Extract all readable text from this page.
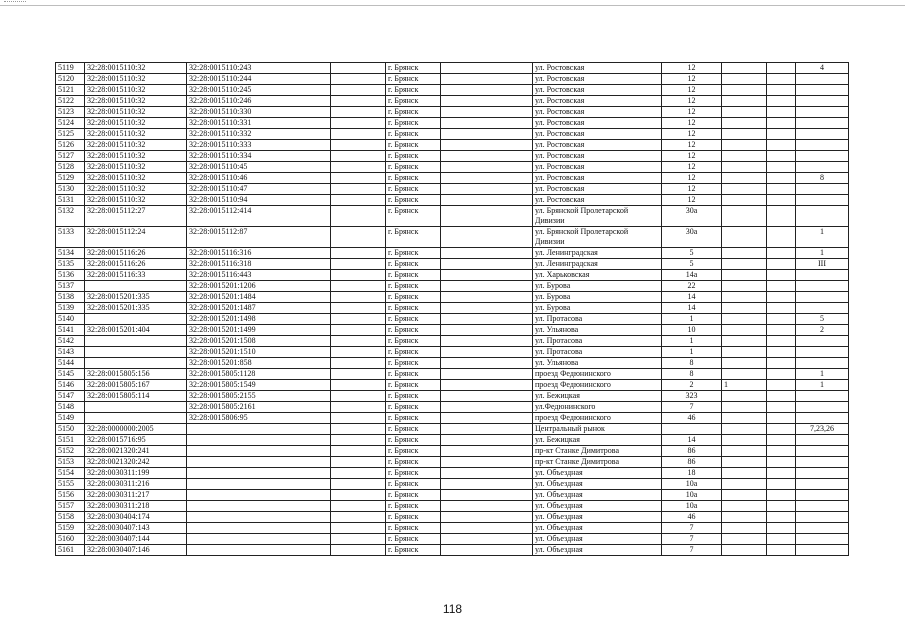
5119	32:28:0015110:32	32:28:0015110:243		г. Брянск		ул. Ростовская	12			4
5120	32:28:0015110:32	32:28:0015110:244		г. Брянск		ул. Ростовская	12			
5121	32:28:0015110:32	32:28:0015110:245		г. Брянск		ул. Ростовская	12			
5122	32:28:0015110:32	32:28:0015110:246		г. Брянск		ул. Ростовская	12			
5123	32:28:0015110:32	32:28:0015110:330		г. Брянск		ул. Ростовская	12			
5124	32:28:0015110:32	32:28:0015110:331		г. Брянск		ул. Ростовская	12			
5125	32:28:0015110:32	32:28:0015110:332		г. Брянск		ул. Ростовская	12			
5126	32:28:0015110:32	32:28:0015110:333		г. Брянск		ул. Ростовская	12			
5127	32:28:0015110:32	32:28:0015110:334		г. Брянск		ул. Ростовская	12			
5128	32:28:0015110:32	32:28:0015110:45		г. Брянск		ул. Ростовская	12			
5129	32:28:0015110:32	32:28:0015110:46		г. Брянск		ул. Ростовская	12			8
5130	32:28:0015110:32	32:28:0015110:47		г. Брянск		ул. Ростовская	12			
5131	32:28:0015110:32	32:28:0015110:94		г. Брянск		ул. Ростовская	12			
5132	32:28:0015112:27	32:28:0015112:414		г. Брянск		ул. Брянской Пролетарской Дивизии	30а			
5133	32:28:0015112:24	32:28:0015112:87		г. Брянск		ул. Брянской Пролетарской Дивизии	30а			1
5134	32:28:0015116:26	32:28:0015116:316		г. Брянск		ул. Ленинградская	5			1
5135	32:28:0015116:26	32:28:0015116:318		г. Брянск		ул. Ленинградская	5			III
5136	32:28:0015116:33	32:28:0015116:443		г. Брянск		ул. Харьковская	14а			
5137		32:28:0015201:1206		г. Брянск		ул. Бурова	22			
5138	32:28:0015201:335	32:28:0015201:1484		г. Брянск		ул. Бурова	14			
5139	32:28:0015201:335	32:28:0015201:1487		г. Брянск		ул. Бурова	14			
5140		32:28:0015201:1498		г. Брянск		ул. Протасова	1			5
5141	32:28:0015201:404	32:28:0015201:1499		г. Брянск		ул. Ульянова	10			2
5142		32:28:0015201:1508		г. Брянск		ул. Протасова	1			
5143		32:28:0015201:1510		г. Брянск		ул. Протасова	1			
5144		32:28:0015201:858		г. Брянск		ул. Ульянова	8			
5145	32:28:0015805:156	32:28:0015805:1128		г. Брянск		проезд Федюнинского	8			1
5146	32:28:0015805:167	32:28:0015805:1549		г. Брянск		проезд Федюнинского	2	1		1
5147	32:28:0015805:114	32:28:0015805:2155		г. Брянск		ул. Бежицкая	323			
5148		32:28:0015805:2161		г. Брянск		ул.Федюнинского	7			
5149		32:28:0015806:95		г. Брянск		проезд Федюнинского	46			
5150	32:28:0000000:2005			г. Брянск		Центральный рынок				7,23,26
5151	32:28:0015716:95			г. Брянск		ул. Бежицкая	14			
5152	32:28:0021320:241			г. Брянск		пр-кт Станке Димитрова	86			
5153	32:28:0021320:242			г. Брянск		пр-кт Станке Димитрова	86			
5154	32:28:0030311:199			г. Брянск		ул. Объездная	18			
5155	32:28:0030311:216			г. Брянск		ул. Объездная	10а			
5156	32:28:0030311:217			г. Брянск		ул. Объездная	10а			
5157	32:28:0030311:218			г. Брянск		ул. Объездная	10а			
5158	32:28:0030404:174			г. Брянск		ул. Объездная	46			
5159	32:28:0030407:143			г. Брянск		ул. Объездная	7			
5160	32:28:0030407:144			г. Брянск		ул. Объездная	7			
5161	32:28:0030407:146			г. Брянск		ул. Объездная	7			
118
